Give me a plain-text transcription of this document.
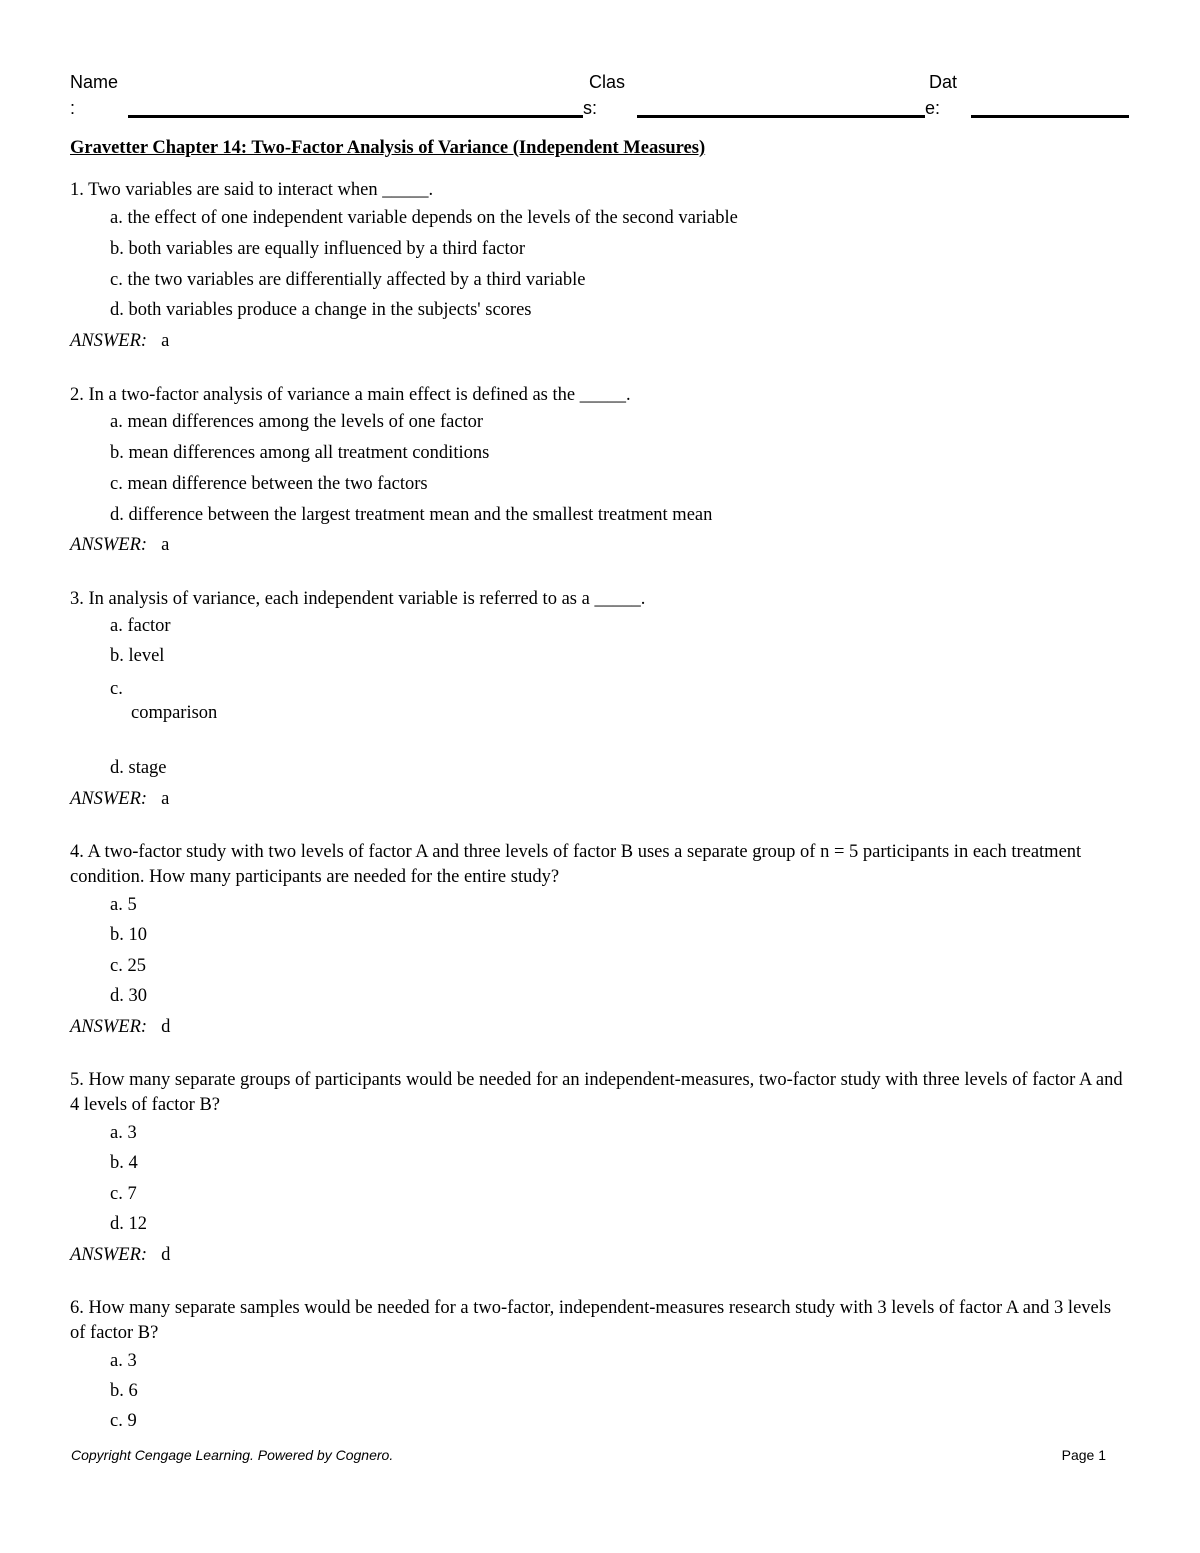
Name
:
Clas
s:
Dat
e:
Gravetter Chapter 14: Two-Factor Analysis of Variance (Independent Measures)
1. Two variables are said to interact when _____.
a. the effect of one independent variable depends on the levels of the second variable
b. both variables are equally influenced by a third factor
c. the two variables are differentially affected by a third variable
d. both variables produce a change in the subjects' scores
ANSWER: a
2. In a two-factor analysis of variance a main effect is defined as the _____.
a. mean differences among the levels of one factor
b. mean differences among all treatment conditions
c. mean difference between the two factors
d. difference between the largest treatment mean and the smallest treatment mean
ANSWER: a
3. In analysis of variance, each independent variable is referred to as a _____.
a. factor
b. level
c.
comparison
d. stage
ANSWER: a
4. A two-factor study with two levels of factor A and three levels of factor B uses a separate group of n = 5 participants in each treatment condition. How many participants are needed for the entire study?
a. 5
b. 10
c. 25
d. 30
ANSWER: d
5. How many separate groups of participants would be needed for an independent-measures, two-factor study with three levels of factor A and 4 levels of factor B?
a. 3
b. 4
c. 7
d. 12
ANSWER: d
6. How many separate samples would be needed for a two-factor, independent-measures research study with 3 levels of factor A and 3 levels of factor B?
a. 3
b. 6
c. 9
Copyright Cengage Learning. Powered by Cognero.	Page 1
